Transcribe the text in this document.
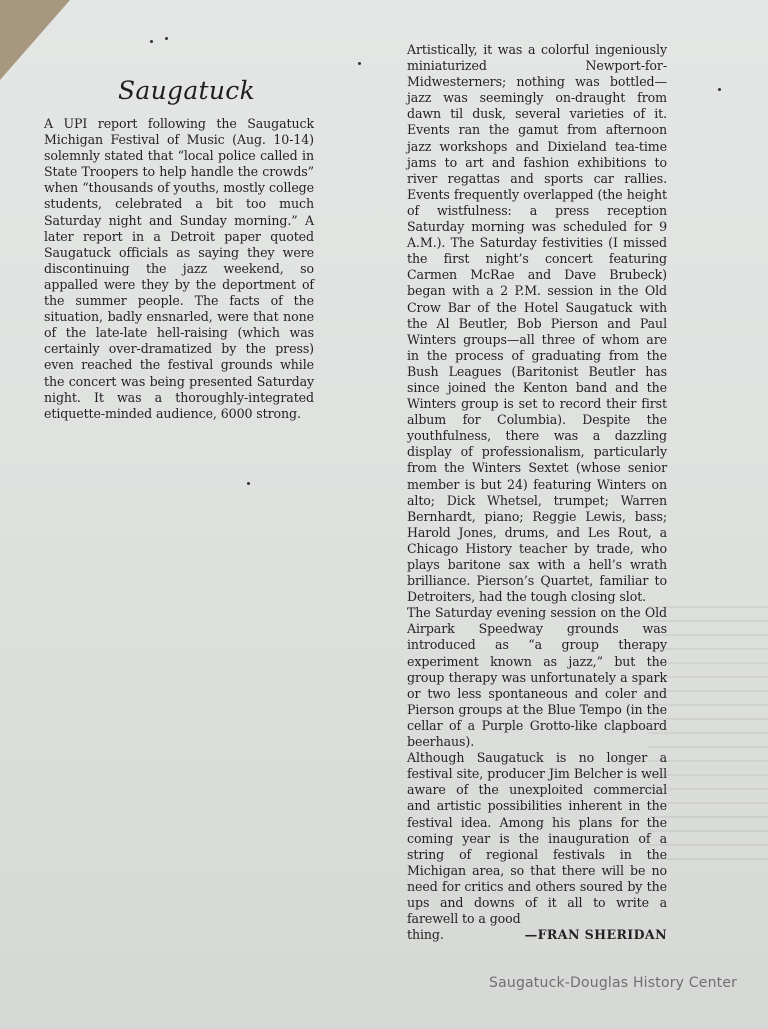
Saugatuck

A UPI report following the Saugatuck Michigan Festival of Music (Aug. 10-14) solemnly stated that “local police called in State Troopers to help handle the crowds” when “thousands of youths, mostly college students, celebrated a bit too much Saturday night and Sunday morning.” A later report in a Detroit paper quoted Saugatuck officials as saying they were discontinuing the jazz weekend, so appalled were they by the deportment of the summer people. The facts of the situation, badly ensnarled, were that none of the late-late hell-raising (which was certainly over-dramatized by the press) even reached the festival grounds while the concert was being presented Saturday night. It was a thoroughly-integrated etiquette-minded audience, 6000 strong.

Artistically, it was a colorful ingeniously miniaturized Newport-for-Midwesterners; nothing was bottled—jazz was seemingly on-draught from dawn til dusk, several varieties of it. Events ran the gamut from afternoon jazz workshops and Dixieland tea-time jams to art and fashion exhibitions to river regattas and sports car rallies. Events frequently overlapped (the height of wistfulness: a press reception Saturday morning was scheduled for 9 A.M.). The Saturday festivities (I missed the first night’s concert featuring Carmen McRae and Dave Brubeck) began with a 2 P.M. session in the Old Crow Bar of the Hotel Saugatuck with the Al Beutler, Bob Pierson and Paul Winters groups—all three of whom are in the process of graduating from the Bush Leagues (Baritonist Beutler has since joined the Kenton band and the Winters group is set to record their first album for Columbia). Despite the youthfulness, there was a dazzling display of professionalism, particularly from the Winters Sextet (whose senior member is but 24) featuring Winters on alto; Dick Whetsel, trumpet; Warren Bernhardt, piano; Reggie Lewis, bass; Harold Jones, drums, and Les Rout, a Chicago History teacher by trade, who plays baritone sax with a hell’s wrath brilliance. Pierson’s Quartet, familiar to Detroiters, had the tough closing slot.

The Saturday evening session on the Old Airpark Speedway grounds was introduced as “a group therapy experiment known as jazz,” but the group therapy was unfortunately a spark or two less spontaneous and coler and Pierson groups at the Blue Tempo (in the cellar of a Purple Grotto-like clapboard beerhaus).

Although Saugatuck is no longer a festival site, producer Jim Belcher is well aware of the unexploited commercial and artistic possibilities inherent in the festival idea. Among his plans for the coming year is the inauguration of a string of regional festivals in the Michigan area, so that there will be no need for critics and others soured by the ups and downs of it all to write a farewell to a good

thing.	—FRAN SHERIDAN
Saugatuck-Douglas History Center
